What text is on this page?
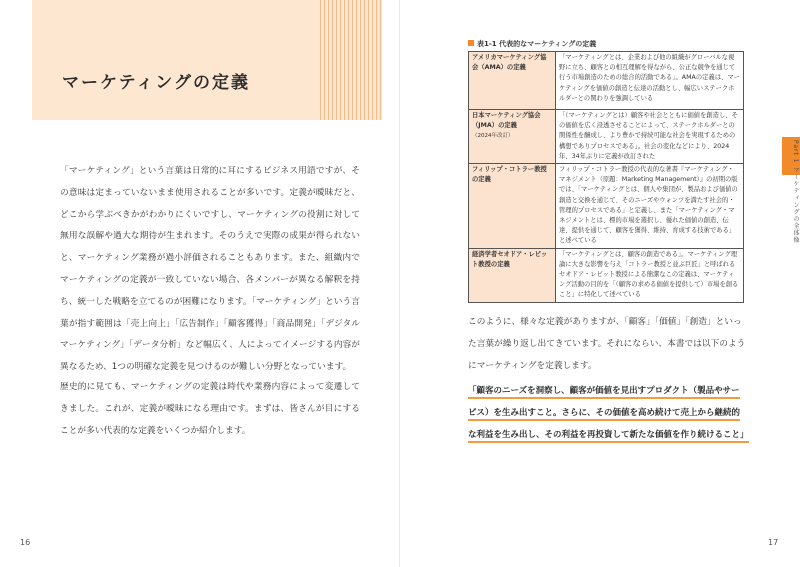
マーケティングの定義

「マーケティング」という言葉は日常的に耳にするビジネス用語ですが、その意味は定まっていないまま使用されることが多いです。定義が曖昧だと、どこから学ぶべきかがわかりにくいですし、マーケティングの役割に対して無用な誤解や過大な期待が生まれます。そのうえで実際の成果が得られないと、マーケティング業務が過小評価されることもあります。また、組織内でマーケティングの定義が一致していない場合、各メンバーが異なる解釈を持ち、統一した戦略を立てるのが困難になります。「マーケティング」という言葉が指す範囲は「売上向上」「広告制作」「顧客獲得」「商品開発」「デジタルマーケティング」「データ分析」など幅広く、人によってイメージする内容が異なるため、1つの明確な定義を見つけるのが難しい分野となっています。

歴史的に見ても、マーケティングの定義は時代や業務内容によって変遷してきました。これが、定義が曖昧になる理由です。まずは、皆さんが目にすることが多い代表的な定義をいくつか紹介します。

16

Part 1 マーケティングの全体像

表1-1 代表的なマーケティングの定義

アメリカマーケティング協会（AMA）の定義	「マーケティングとは、企業および他の組織がグローバルな視野に立ち、顧客との相互理解を得ながら、公正な競争を通じて行う市場創造のための総合的活動である」。AMAの定義は、マーケティングを価値の創造と伝達の活動とし、幅広いステークホルダーとの関わりを強調している
日本マーケティング協会（JMA）の定義
（2024年改訂）	「（マーケティングとは）顧客や社会とともに価値を創造し、その価値を広く浸透させることによって、ステークホルダーとの関係性を醸成し、より豊かで持続可能な社会を実現するための構想でありプロセスである」。社会の変化などにより、2024年、34年ぶりに定義が改訂された
フィリップ・コトラー教授の定義	フィリップ・コトラー教授の代表的な著書『マーケティング・マネジメント（原題：Marketing Management）』の初期の版では、「マーケティングとは、個人や集団が、製品および価値の創造と交換を通じて、そのニーズやウォンツを満たす社会的・管理的プロセスである」と定義し、また「マーケティング・マネジメントとは、標的市場を選択し、優れた価値の創造、伝達、提供を通じて、顧客を獲得、維持、育成する技術である」と述べている
経済学者セオドア・レビット教授の定義	「マーケティングとは、顧客の創造である」。マーケティング理論に大きな影響を与え「コトラー教授と並ぶ巨匠」と呼ばれるセオドア・レビット教授による簡潔なこの定義は、マーケティング活動の目的を「（顧客の求める価値を提供して）市場を創ること」に特化して述べている

このように、様々な定義がありますが、「顧客」「価値」「創造」といった言葉が繰り返し出てきています。それにならい、本書では以下のようにマーケティングを定義します。

「顧客のニーズを洞察し、顧客が価値を見出すプロダクト（製品やサービス）を生み出すこと。さらに、その価値を高め続けて売上から継続的な利益を生み出し、その利益を再投資して新たな価値を作り続けること」

17
